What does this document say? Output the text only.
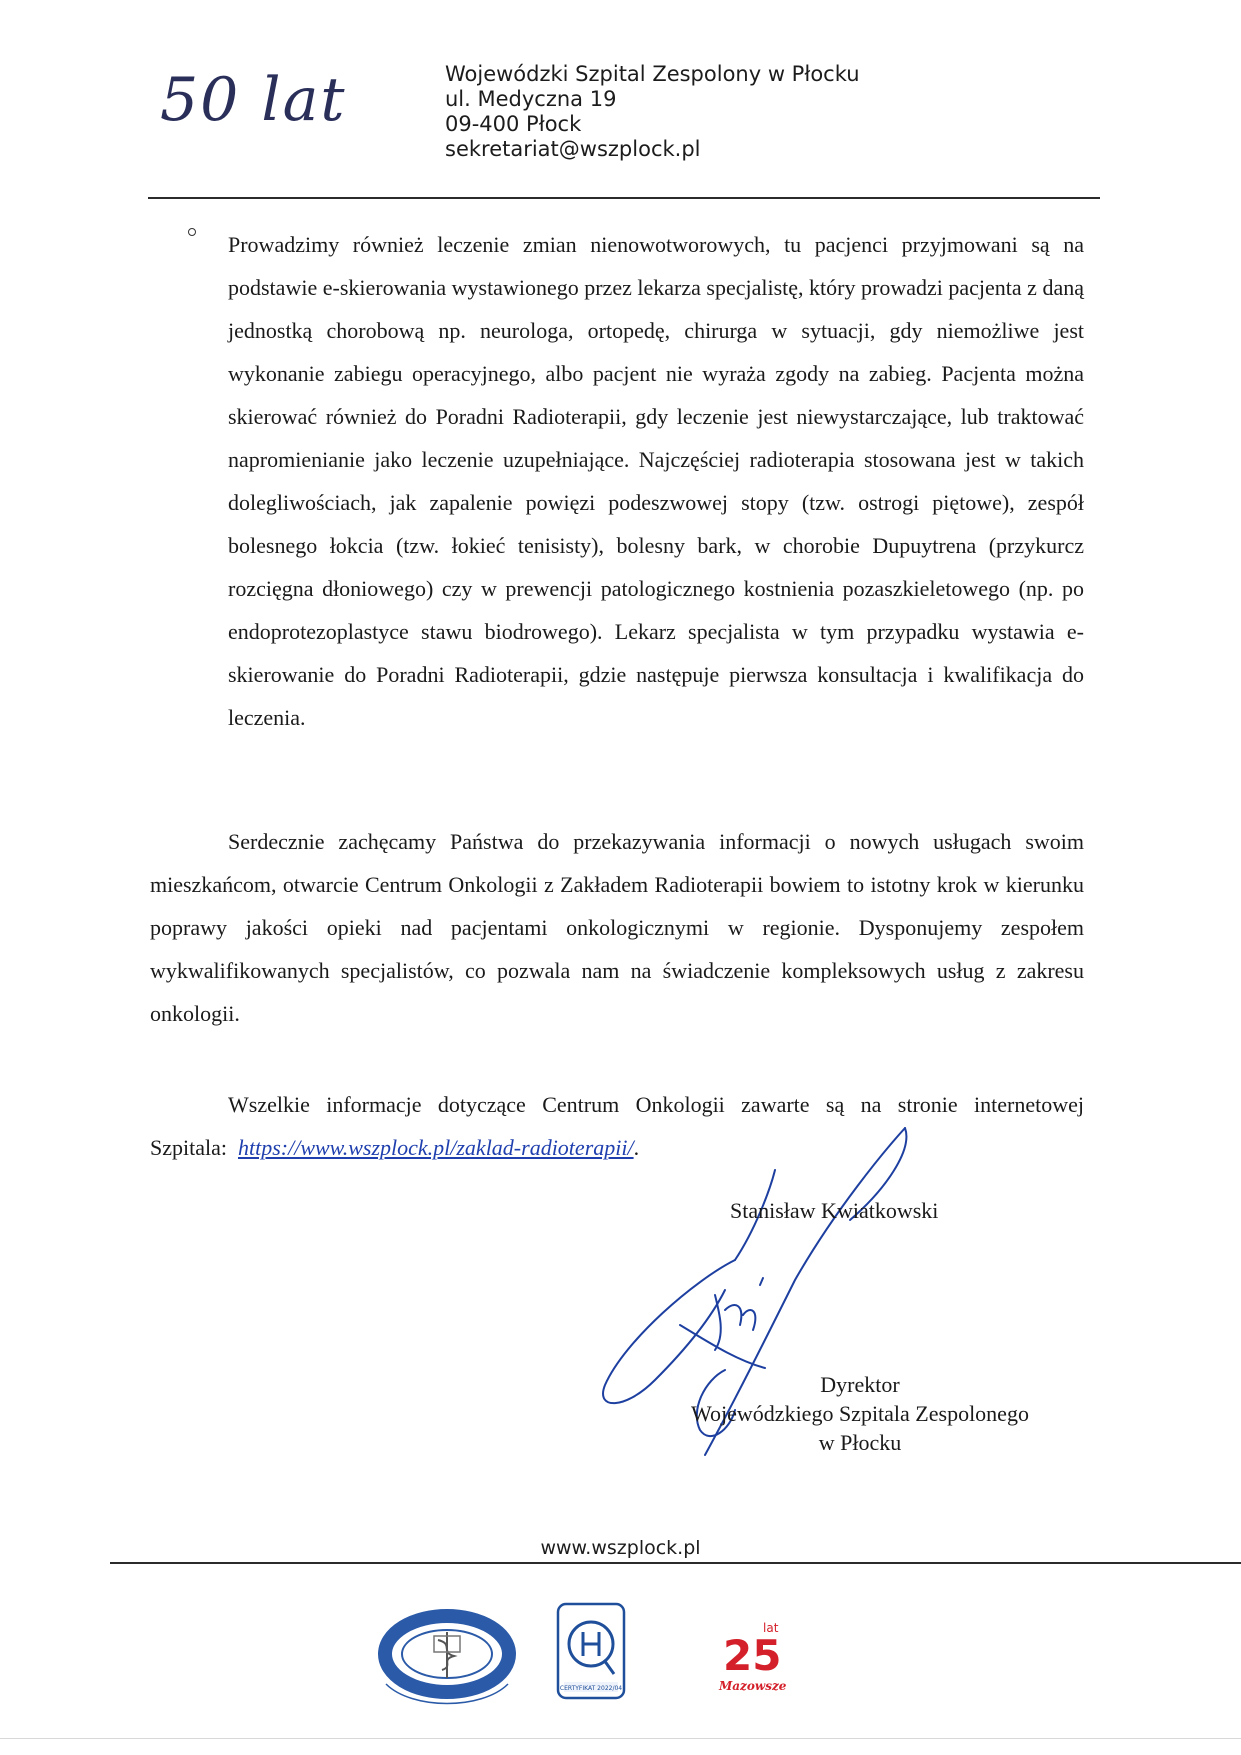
50 lat	Wojewódzki Szpital Zespolony w Płocku
ul. Medyczna 19
09-400 Płock
sekretariat@wszplock.pl

Prowadzimy również leczenie zmian nienowotworowych, tu pacjenci przyjmowani są na podstawie e-skierowania wystawionego przez lekarza specjalistę, który prowadzi pacjenta z daną jednostką chorobową np. neurologa, ortopedę, chirurga w sytuacji, gdy niemożliwe jest wykonanie zabiegu operacyjnego, albo pacjent nie wyraża zgody na zabieg. Pacjenta można skierować również do Poradni Radioterapii, gdy leczenie jest niewystarczające, lub traktować napromienianie jako leczenie uzupełniające. Najczęściej radioterapia stosowana jest w takich dolegliwościach, jak zapalenie powięzi podeszwowej stopy (tzw. ostrogi piętowe), zespół bolesnego łokcia (tzw. łokieć tenisisty), bolesny bark, w chorobie Dupuytrena (przykurcz rozcięgna dłoniowego) czy w prewencji patologicznego kostnienia pozaszkieletowego (np. po endoprotezoplastyce stawu biodrowego). Lekarz specjalista w tym przypadku wystawia e-skierowanie do Poradni Radioterapii, gdzie następuje pierwsza konsultacja i kwalifikacja do leczenia.

Serdecznie zachęcamy Państwa do przekazywania informacji o nowych usługach swoim mieszkańcom, otwarcie Centrum Onkologii z Zakładem Radioterapii bowiem to istotny krok w kierunku poprawy jakości opieki nad pacjentami onkologicznymi w regionie. Dysponujemy zespołem wykwalifikowanych specjalistów, co pozwala nam na świadczenie kompleksowych usług z zakresu onkologii.

Wszelkie informacje dotyczące Centrum Onkologii zawarte są na stronie internetowej Szpitala: https://www.wszplock.pl/zaklad-radioterapii/.

Stanisław Kwiatkowski
Dyrektor
Wojewódzkiego Szpitala Zespolonego
w Płocku
www.wszplock.pl
CERTYFIKAT 2022/04
25
lat
Mazowsze
